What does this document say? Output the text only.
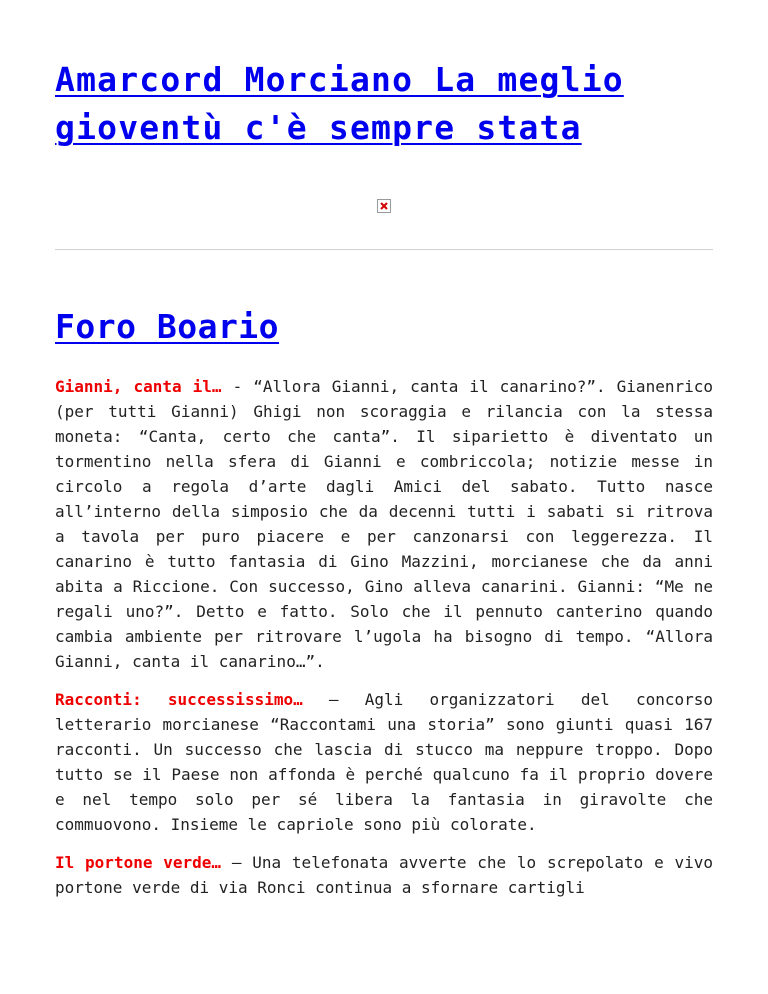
Amarcord Morciano La meglio gioventù c'è sempre stata
Foro Boario

Gianni, canta il… - “Allora Gianni, canta il canarino?”. Gianenrico (per tutti Gianni) Ghigi non scoraggia e rilancia con la stessa moneta: “Canta, certo che canta”. Il siparietto è diventato un tormentino nella sfera di Gianni e combriccola; notizie messe in circolo a regola d’arte dagli Amici del sabato. Tutto nasce all’interno della simposio che da decenni tutti i sabati si ritrova a tavola per puro piacere e per canzonarsi con leggerezza. Il canarino è tutto fantasia di Gino Mazzini, morcianese che da anni abita a Riccione. Con successo, Gino alleva canarini. Gianni: “Me ne regali uno?”. Detto e fatto. Solo che il pennuto canterino quando cambia ambiente per ritrovare l’ugola ha bisogno di tempo. “Allora Gianni, canta il canarino…”.

Racconti: successissimo… – Agli organizzatori del concorso letterario morcianese “Raccontami una storia” sono giunti quasi 167 racconti. Un successo che lascia di stucco ma neppure troppo. Dopo tutto se il Paese non affonda è perché qualcuno fa il proprio dovere e nel tempo solo per sé libera la fantasia in giravolte che commuovono. Insieme le capriole sono più colorate.

Il portone verde… – Una telefonata avverte che lo screpolato e vivo portone verde di via Ronci continua a sfornare cartigli
